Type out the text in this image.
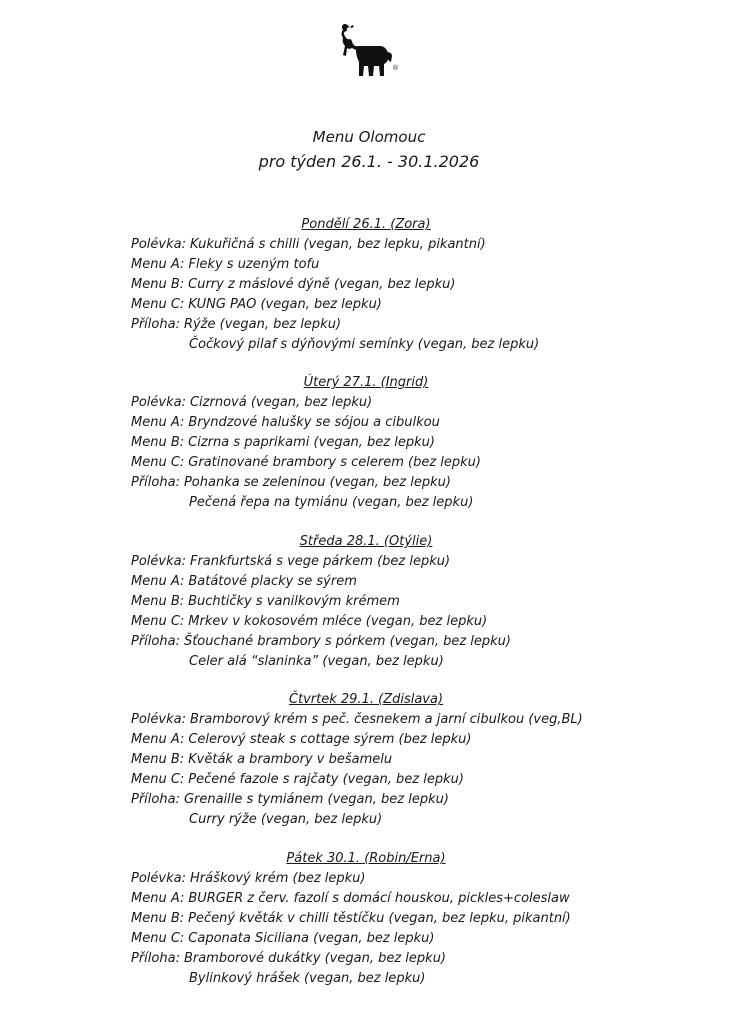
®
Menu Olomouc
pro týden 26.1. - 30.1.2026
Pondělí 26.1. (Zora)
Polévka: Kukuřičná s chilli (vegan, bez lepku, pikantní)
Menu A: Fleky s uzeným tofu
Menu B: Curry z máslové dýně (vegan, bez lepku)
Menu C: KUNG PAO (vegan, bez lepku)
Příloha: Rýže (vegan, bez lepku)
Čočkový pilaf s dýňovými semínky (vegan, bez lepku)
Úterý 27.1. (Ingrid)
Polévka: Cizrnová (vegan, bez lepku)
Menu A: Bryndzové halušky se sójou a cibulkou
Menu B: Cizrna s paprikami (vegan, bez lepku)
Menu C: Gratinované brambory s celerem (bez lepku)
Příloha: Pohanka se zeleninou (vegan, bez lepku)
Pečená řepa na tymiánu (vegan, bez lepku)
Středa 28.1. (Otýlie)
Polévka: Frankfurtská s vege párkem (bez lepku)
Menu A: Batátové placky se sýrem
Menu B: Buchtičky s vanilkovým krémem
Menu C: Mrkev v kokosovém mléce (vegan, bez lepku)
Příloha: Šťouchané brambory s pórkem (vegan, bez lepku)
Celer alá “slaninka” (vegan, bez lepku)
Čtvrtek 29.1. (Zdislava)
Polévka: Bramborový krém s peč. česnekem a jarní cibulkou (veg,BL)
Menu A: Celerový steak s cottage sýrem (bez lepku)
Menu B: Květák a brambory v bešamelu
Menu C: Pečené fazole s rajčaty (vegan, bez lepku)
Příloha: Grenaille s tymiánem (vegan, bez lepku)
Curry rýže (vegan, bez lepku)
Pátek 30.1. (Robin/Erna)
Polévka: Hráškový krém (bez lepku)
Menu A: BURGER z červ. fazolí s domácí houskou, pickles+coleslaw
Menu B: Pečený květák v chilli těstíčku (vegan, bez lepku, pikantní)
Menu C: Caponata Siciliana (vegan, bez lepku)
Příloha: Bramborové dukátky (vegan, bez lepku)
Bylinkový hrášek (vegan, bez lepku)
